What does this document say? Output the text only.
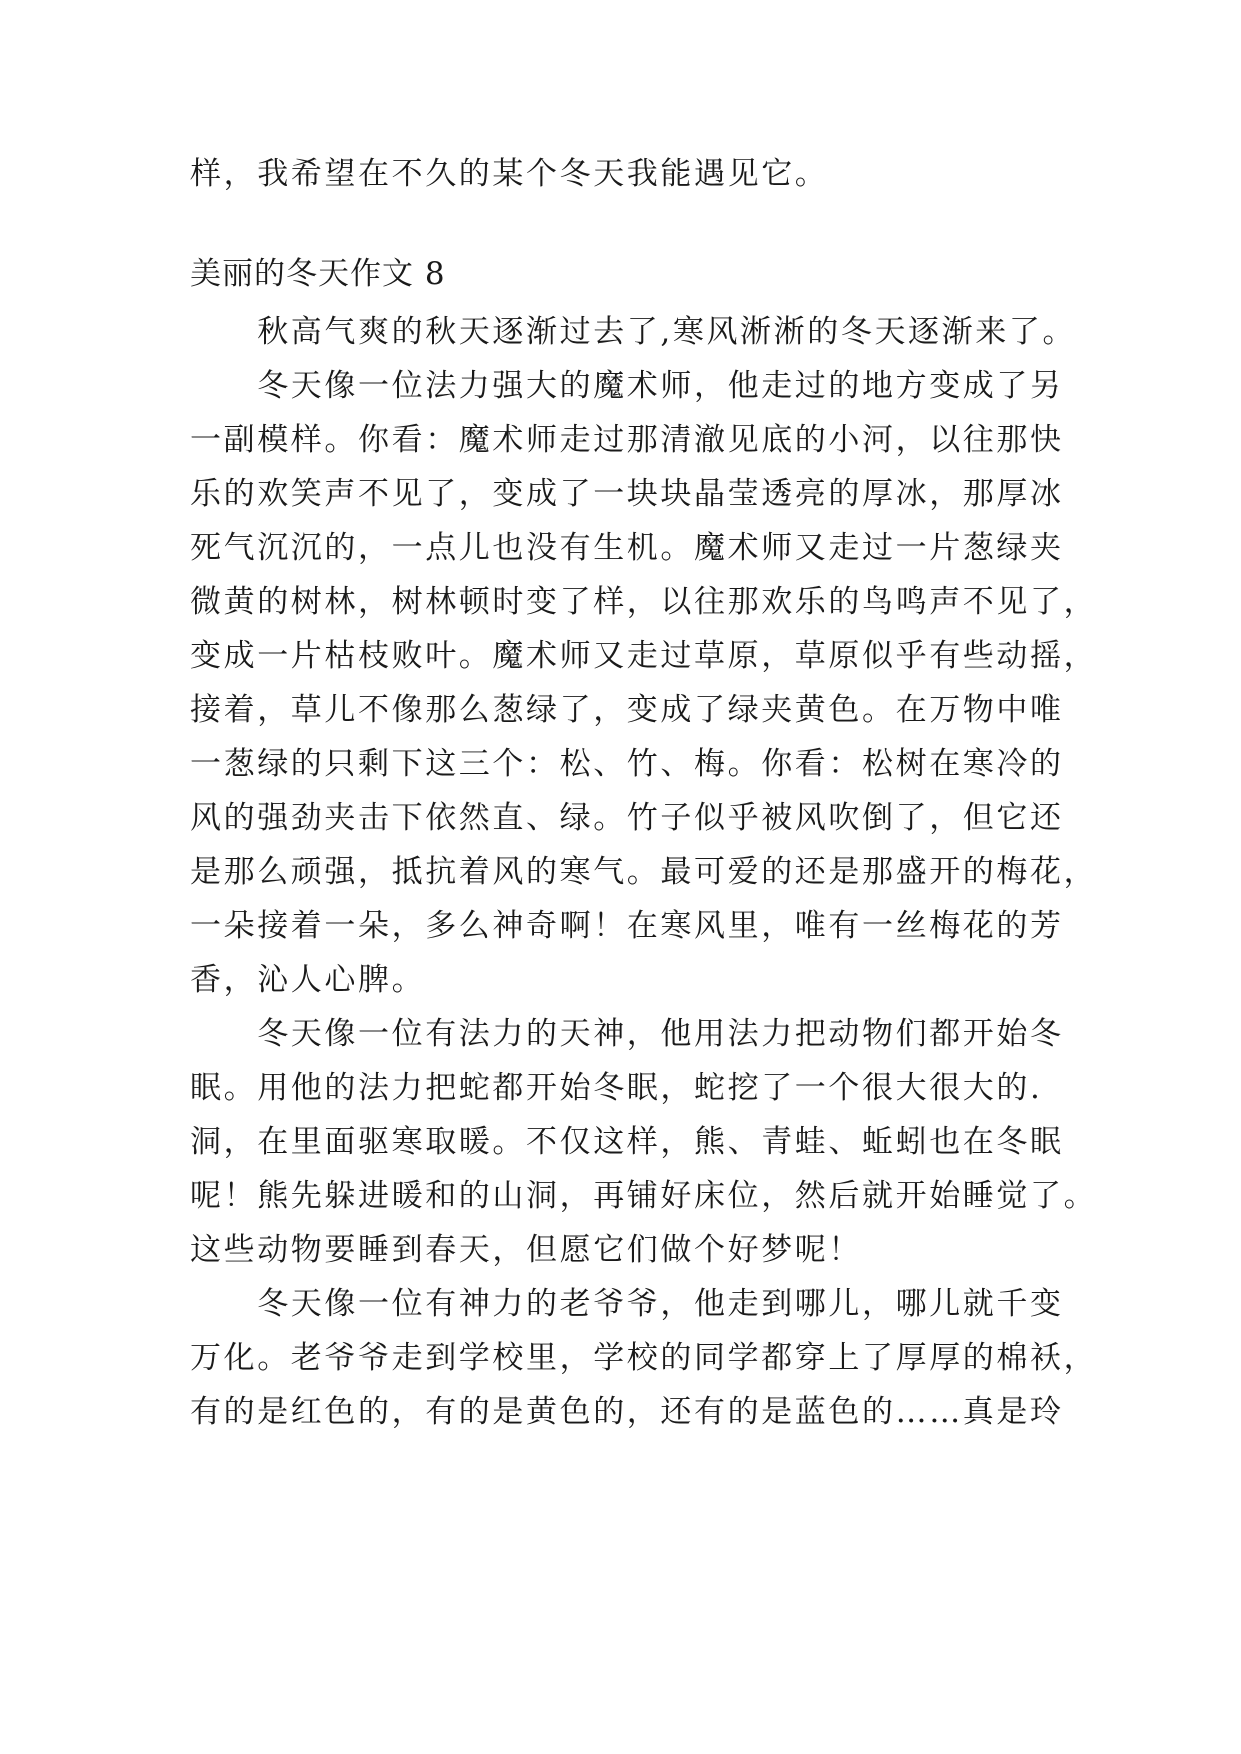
样，我希望在不久的某个冬天我能遇见它。
美丽的冬天作文 8
　　秋高气爽的秋天逐渐过去了,寒风淅淅的冬天逐渐来了。
　　冬天像一位法力强大的魔术师，他走过的地方变成了另
一副模样。你看：魔术师走过那清澈见底的小河，以往那快
乐的欢笑声不见了，变成了一块块晶莹透亮的厚冰，那厚冰
死气沉沉的，一点儿也没有生机。魔术师又走过一片葱绿夹
微黄的树林，树林顿时变了样，以往那欢乐的鸟鸣声不见了，
变成一片枯枝败叶。魔术师又走过草原，草原似乎有些动摇，
接着，草儿不像那么葱绿了，变成了绿夹黄色。在万物中唯
一葱绿的只剩下这三个：松、竹、梅。你看：松树在寒冷的
风的强劲夹击下依然直、绿。竹子似乎被风吹倒了，但它还
是那么顽强，抵抗着风的寒气。最可爱的还是那盛开的梅花，
一朵接着一朵，多么神奇啊！在寒风里，唯有一丝梅花的芳
香，沁人心脾。
　　冬天像一位有法力的天神，他用法力把动物们都开始冬
眠。用他的法力把蛇都开始冬眠，蛇挖了一个很大很大的.
洞，在里面驱寒取暖。不仅这样，熊、青蛙、蚯蚓也在冬眠
呢！熊先躲进暖和的山洞，再铺好床位，然后就开始睡觉了。
这些动物要睡到春天，但愿它们做个好梦呢！
　　冬天像一位有神力的老爷爷，他走到哪儿，哪儿就千变
万化。老爷爷走到学校里，学校的同学都穿上了厚厚的棉袄，
有的是红色的，有的是黄色的，还有的是蓝色的……真是玲
